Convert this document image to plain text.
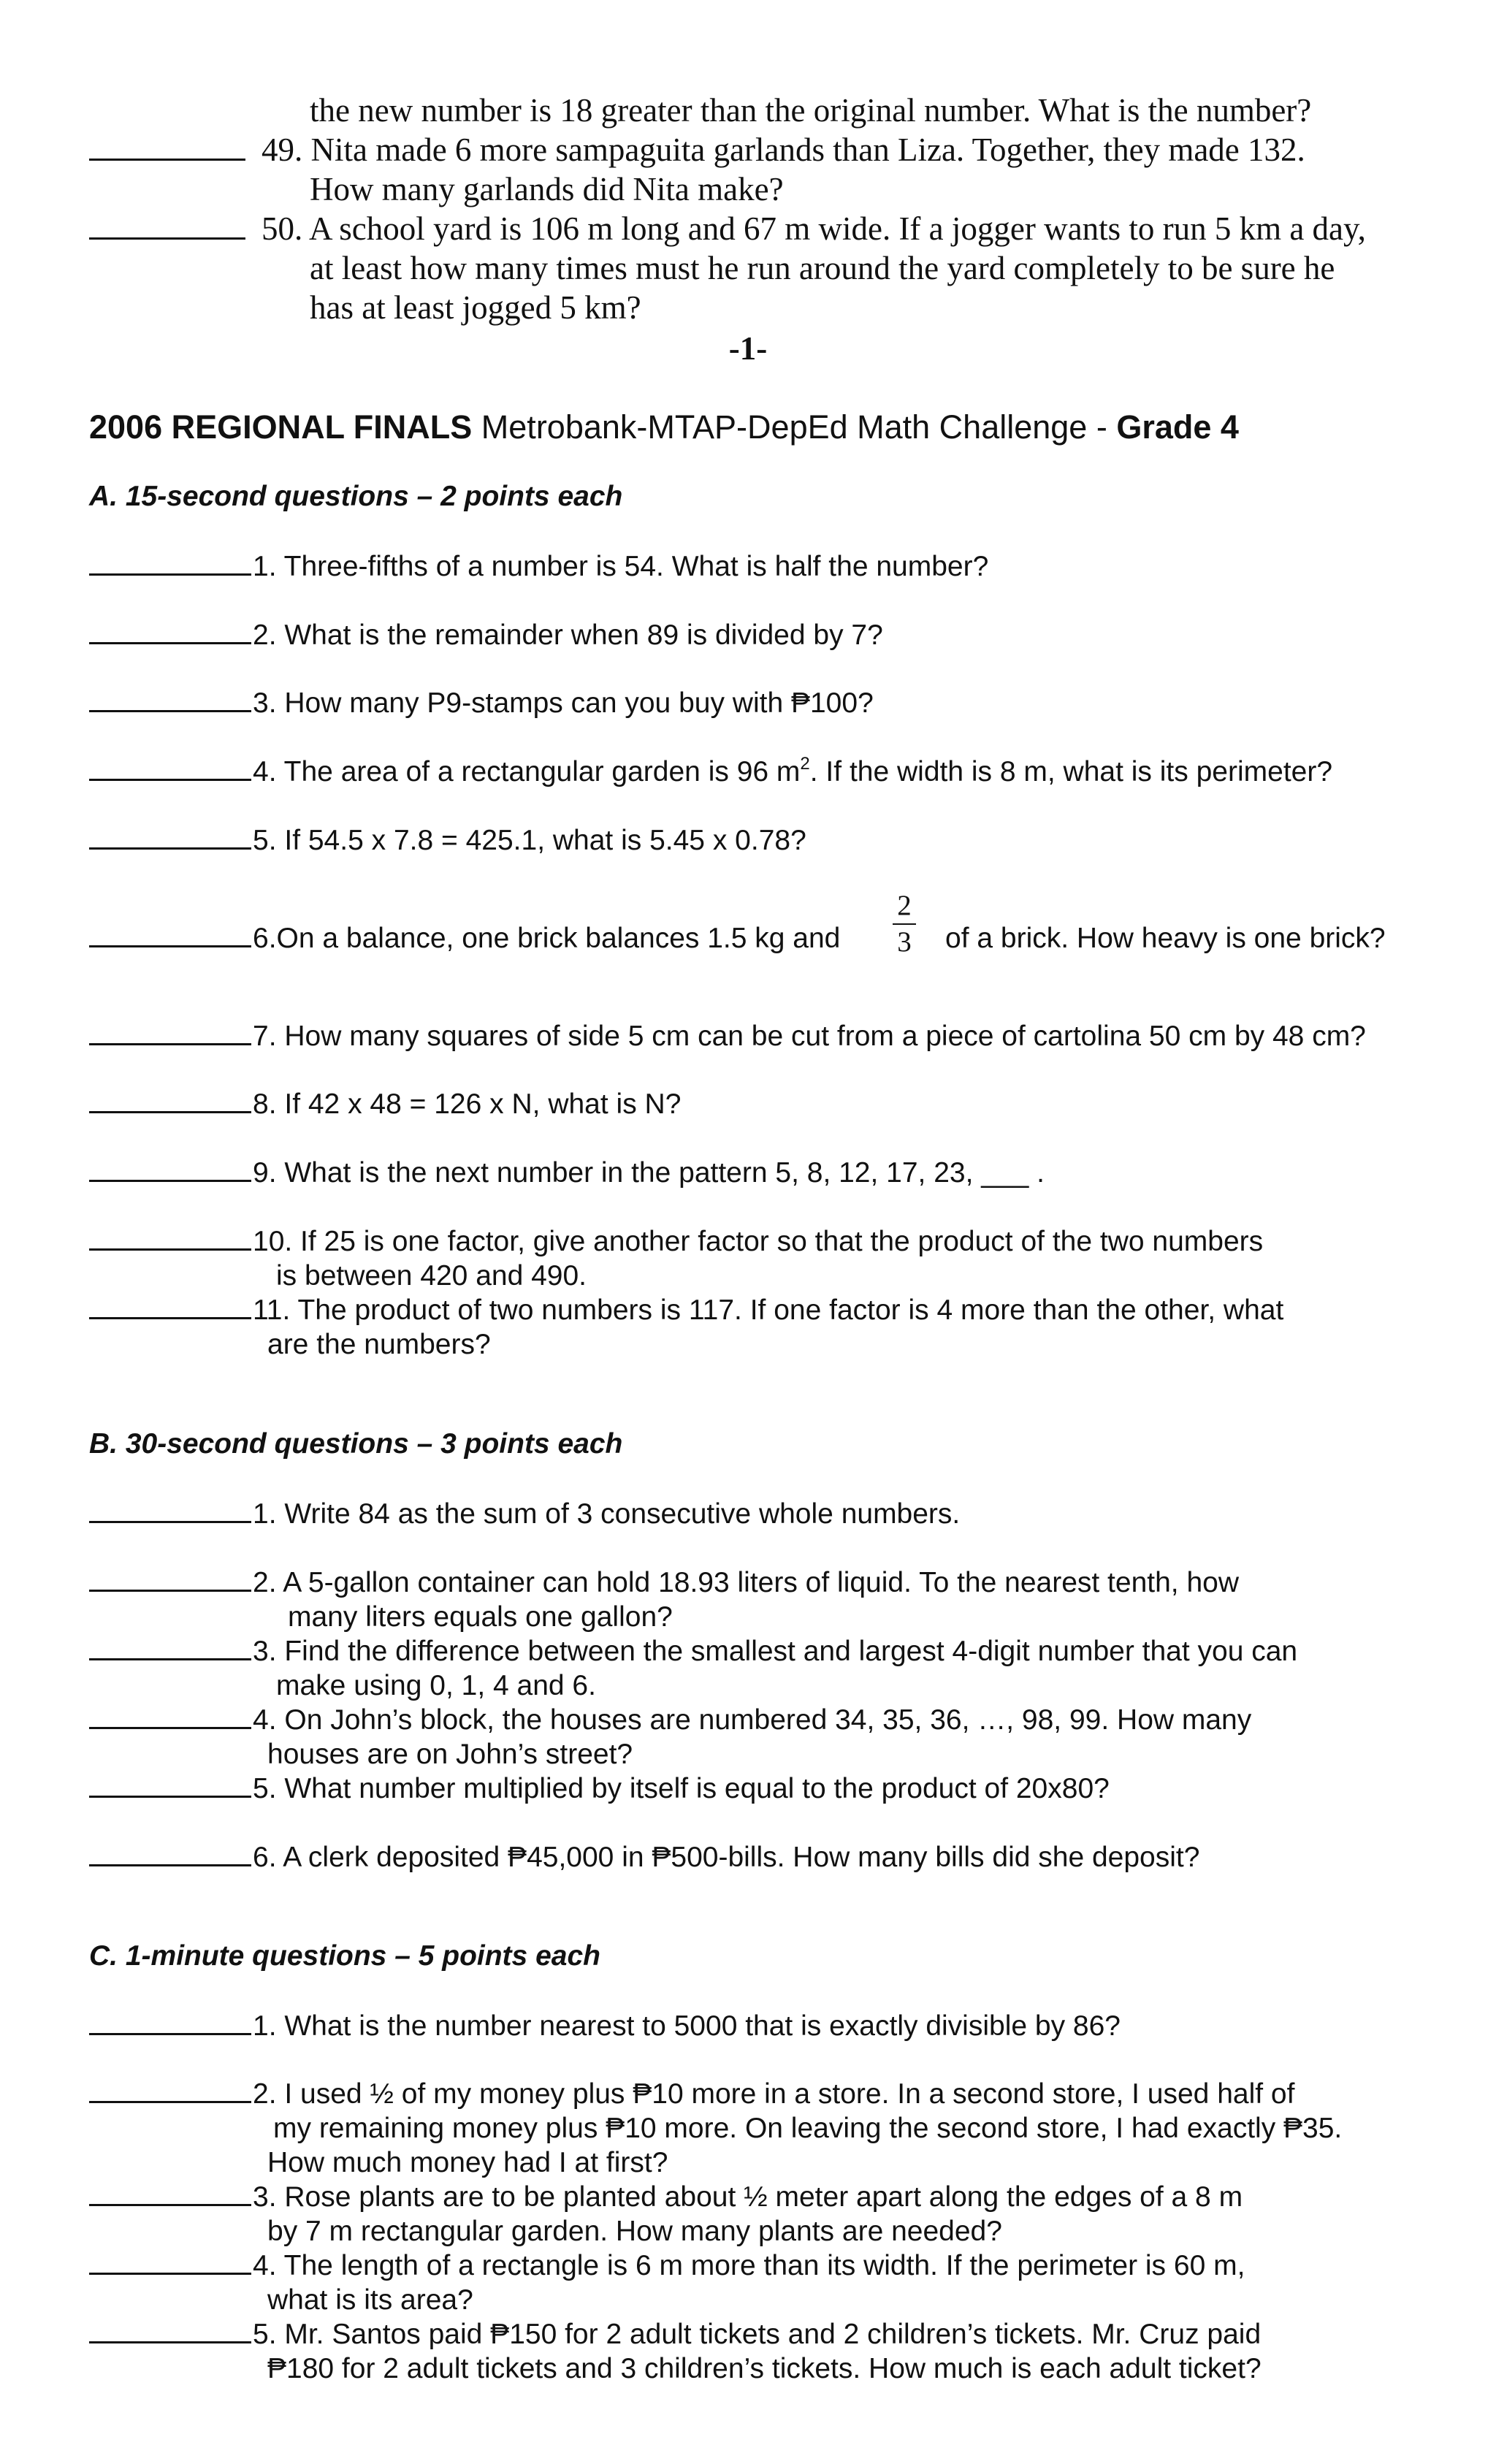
the new number is 18 greater than the original number. What is the number?
49. Nita made 6 more sampaguita garlands than Liza. Together, they made 132.
How many garlands did Nita make?
50. A school yard is 106 m long and 67 m wide. If a jogger wants to run 5 km a day,
at least how many times must he run around the yard completely to be sure he
has at least jogged 5 km?
-1-
2006 REGIONAL FINALS Metrobank-MTAP-DepEd Math Challenge - Grade 4
A. 15-second questions – 2 points each
1. Three-fifths of a number is 54. What is half the number?
2. What is the remainder when 89 is divided by 7?
3. How many P9-stamps can you buy with ₱100?
4. The area of a rectangular garden is 96 $m^2$. If the width is 8 m, what is its perimeter?
5. If 54.5 x 7.8 = 425.1, what is 5.45 x 0.78?
6.On a balance, one brick balances 1.5 kg and
2
3 of a brick. How heavy is one brick?
7. How many squares of side 5 cm can be cut from a piece of cartolina 50 cm by 48 cm?
8. If 42 x 48 = 126 x N, what is N?
9. What is the next number in the pattern 5, 8, 12, 17, 23, ___ .
10. If 25 is one factor, give another factor so that the product of the two numbers
is between 420 and 490.
11. The product of two numbers is 117. If one factor is 4 more than the other, what
are the numbers?
B. 30-second questions – 3 points each
1. Write 84 as the sum of 3 consecutive whole numbers.
2. A 5-gallon container can hold 18.93 liters of liquid. To the nearest tenth, how
many liters equals one gallon?
3. Find the difference between the smallest and largest 4-digit number that you can
make using 0, 1, 4 and 6.
4. On John’s block, the houses are numbered 34, 35, 36, …, 98, 99. How many
houses are on John’s street?
5. What number multiplied by itself is equal to the product of 20x80?
6. A clerk deposited ₱45,000 in ₱500-bills. How many bills did she deposit?
C. 1-minute questions – 5 points each
1. What is the number nearest to 5000 that is exactly divisible by 86?
2. I used ½ of my money plus ₱10 more in a store. In a second store, I used half of
my remaining money plus ₱10 more. On leaving the second store, I had exactly ₱35.
How much money had I at first?
3. Rose plants are to be planted about ½ meter apart along the edges of a 8 m
by 7 m rectangular garden. How many plants are needed?
4. The length of a rectangle is 6 m more than its width. If the perimeter is 60 m,
what is its area?
5. Mr. Santos paid ₱150 for 2 adult tickets and 2 children’s tickets. Mr. Cruz paid
₱180 for 2 adult tickets and 3 children’s tickets. How much is each adult ticket?
